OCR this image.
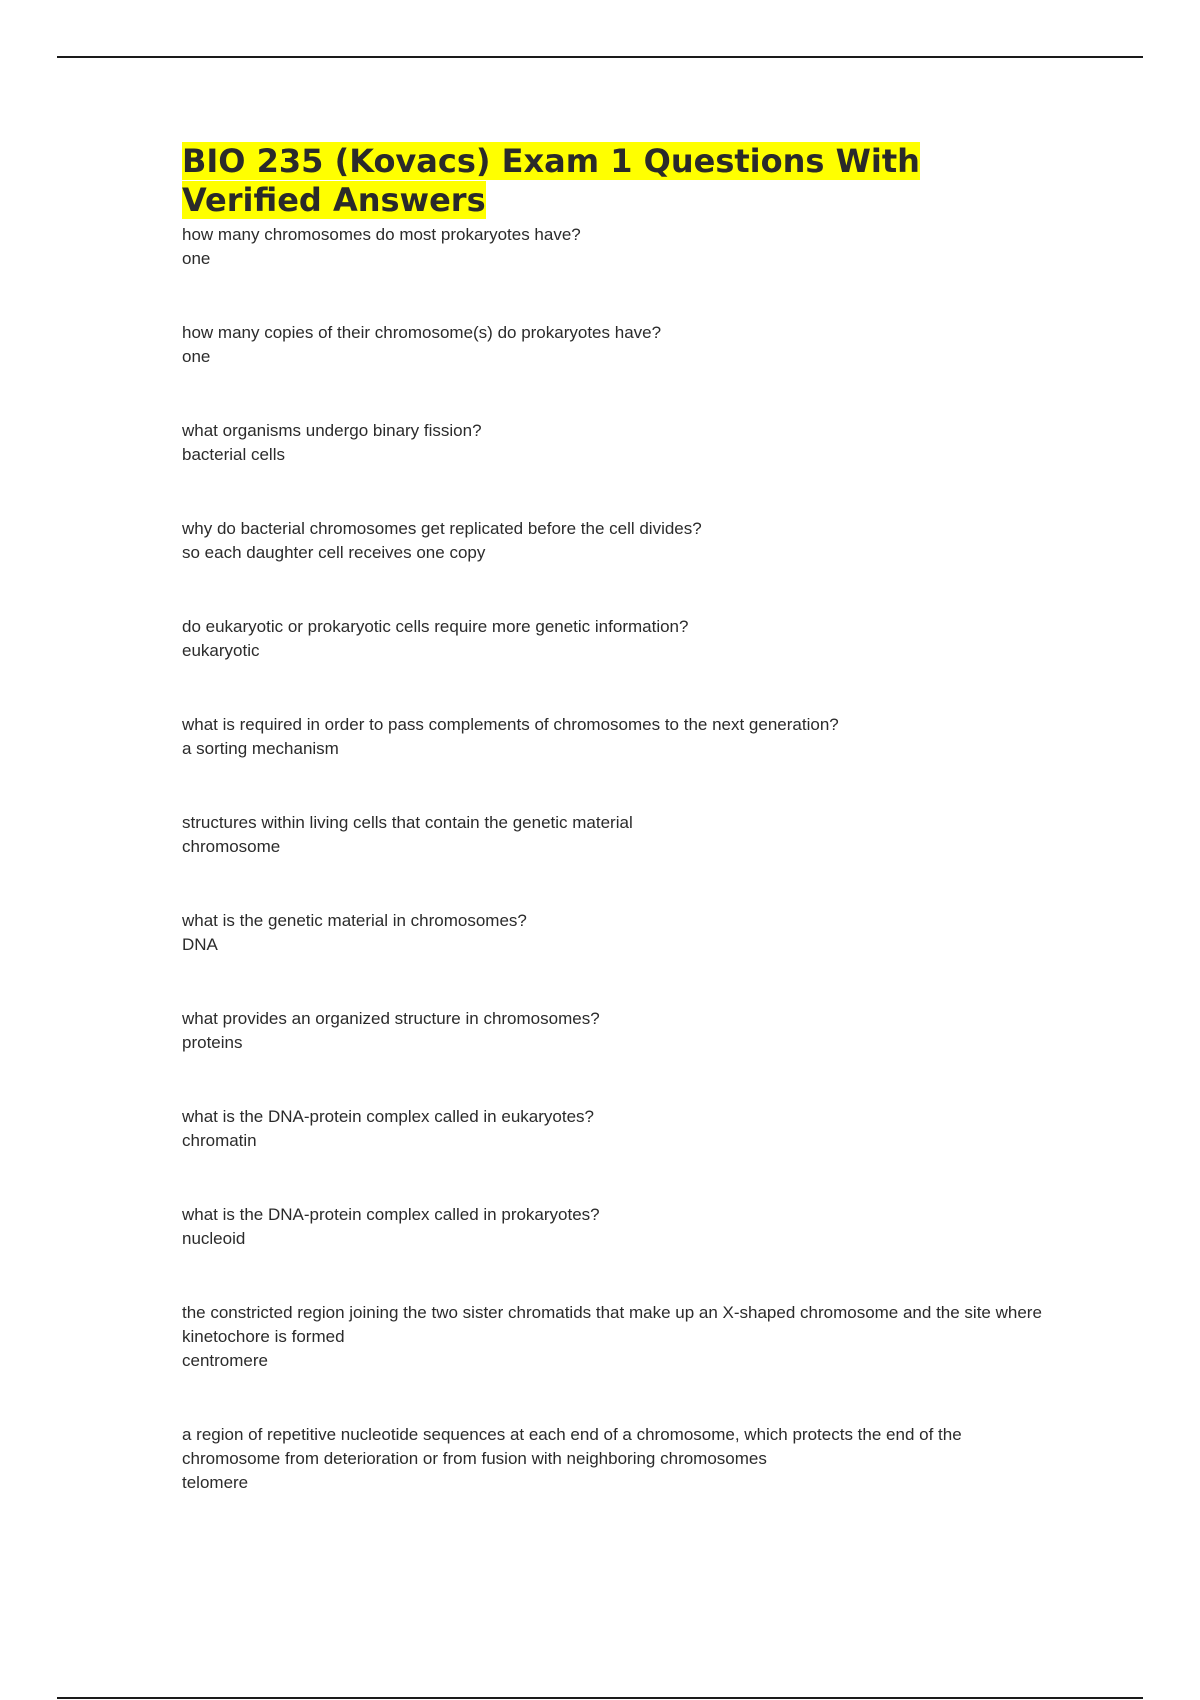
BIO 235 (Kovacs) Exam 1 Questions With Verified Answers
how many chromosomes do most prokaryotes have?
one
how many copies of their chromosome(s) do prokaryotes have?
one
what organisms undergo binary fission?
bacterial cells
why do bacterial chromosomes get replicated before the cell divides?
so each daughter cell receives one copy
do eukaryotic or prokaryotic cells require more genetic information?
eukaryotic
what is required in order to pass complements of chromosomes to the next generation?
a sorting mechanism
structures within living cells that contain the genetic material
chromosome
what is the genetic material in chromosomes?
DNA
what provides an organized structure in chromosomes?
proteins
what is the DNA-protein complex called in eukaryotes?
chromatin
what is the DNA-protein complex called in prokaryotes?
nucleoid
the constricted region joining the two sister chromatids that make up an X-shaped chromosome and the site where kinetochore is formed
centromere
a region of repetitive nucleotide sequences at each end of a chromosome, which protects the end of the chromosome from deterioration or from fusion with neighboring chromosomes
telomere
